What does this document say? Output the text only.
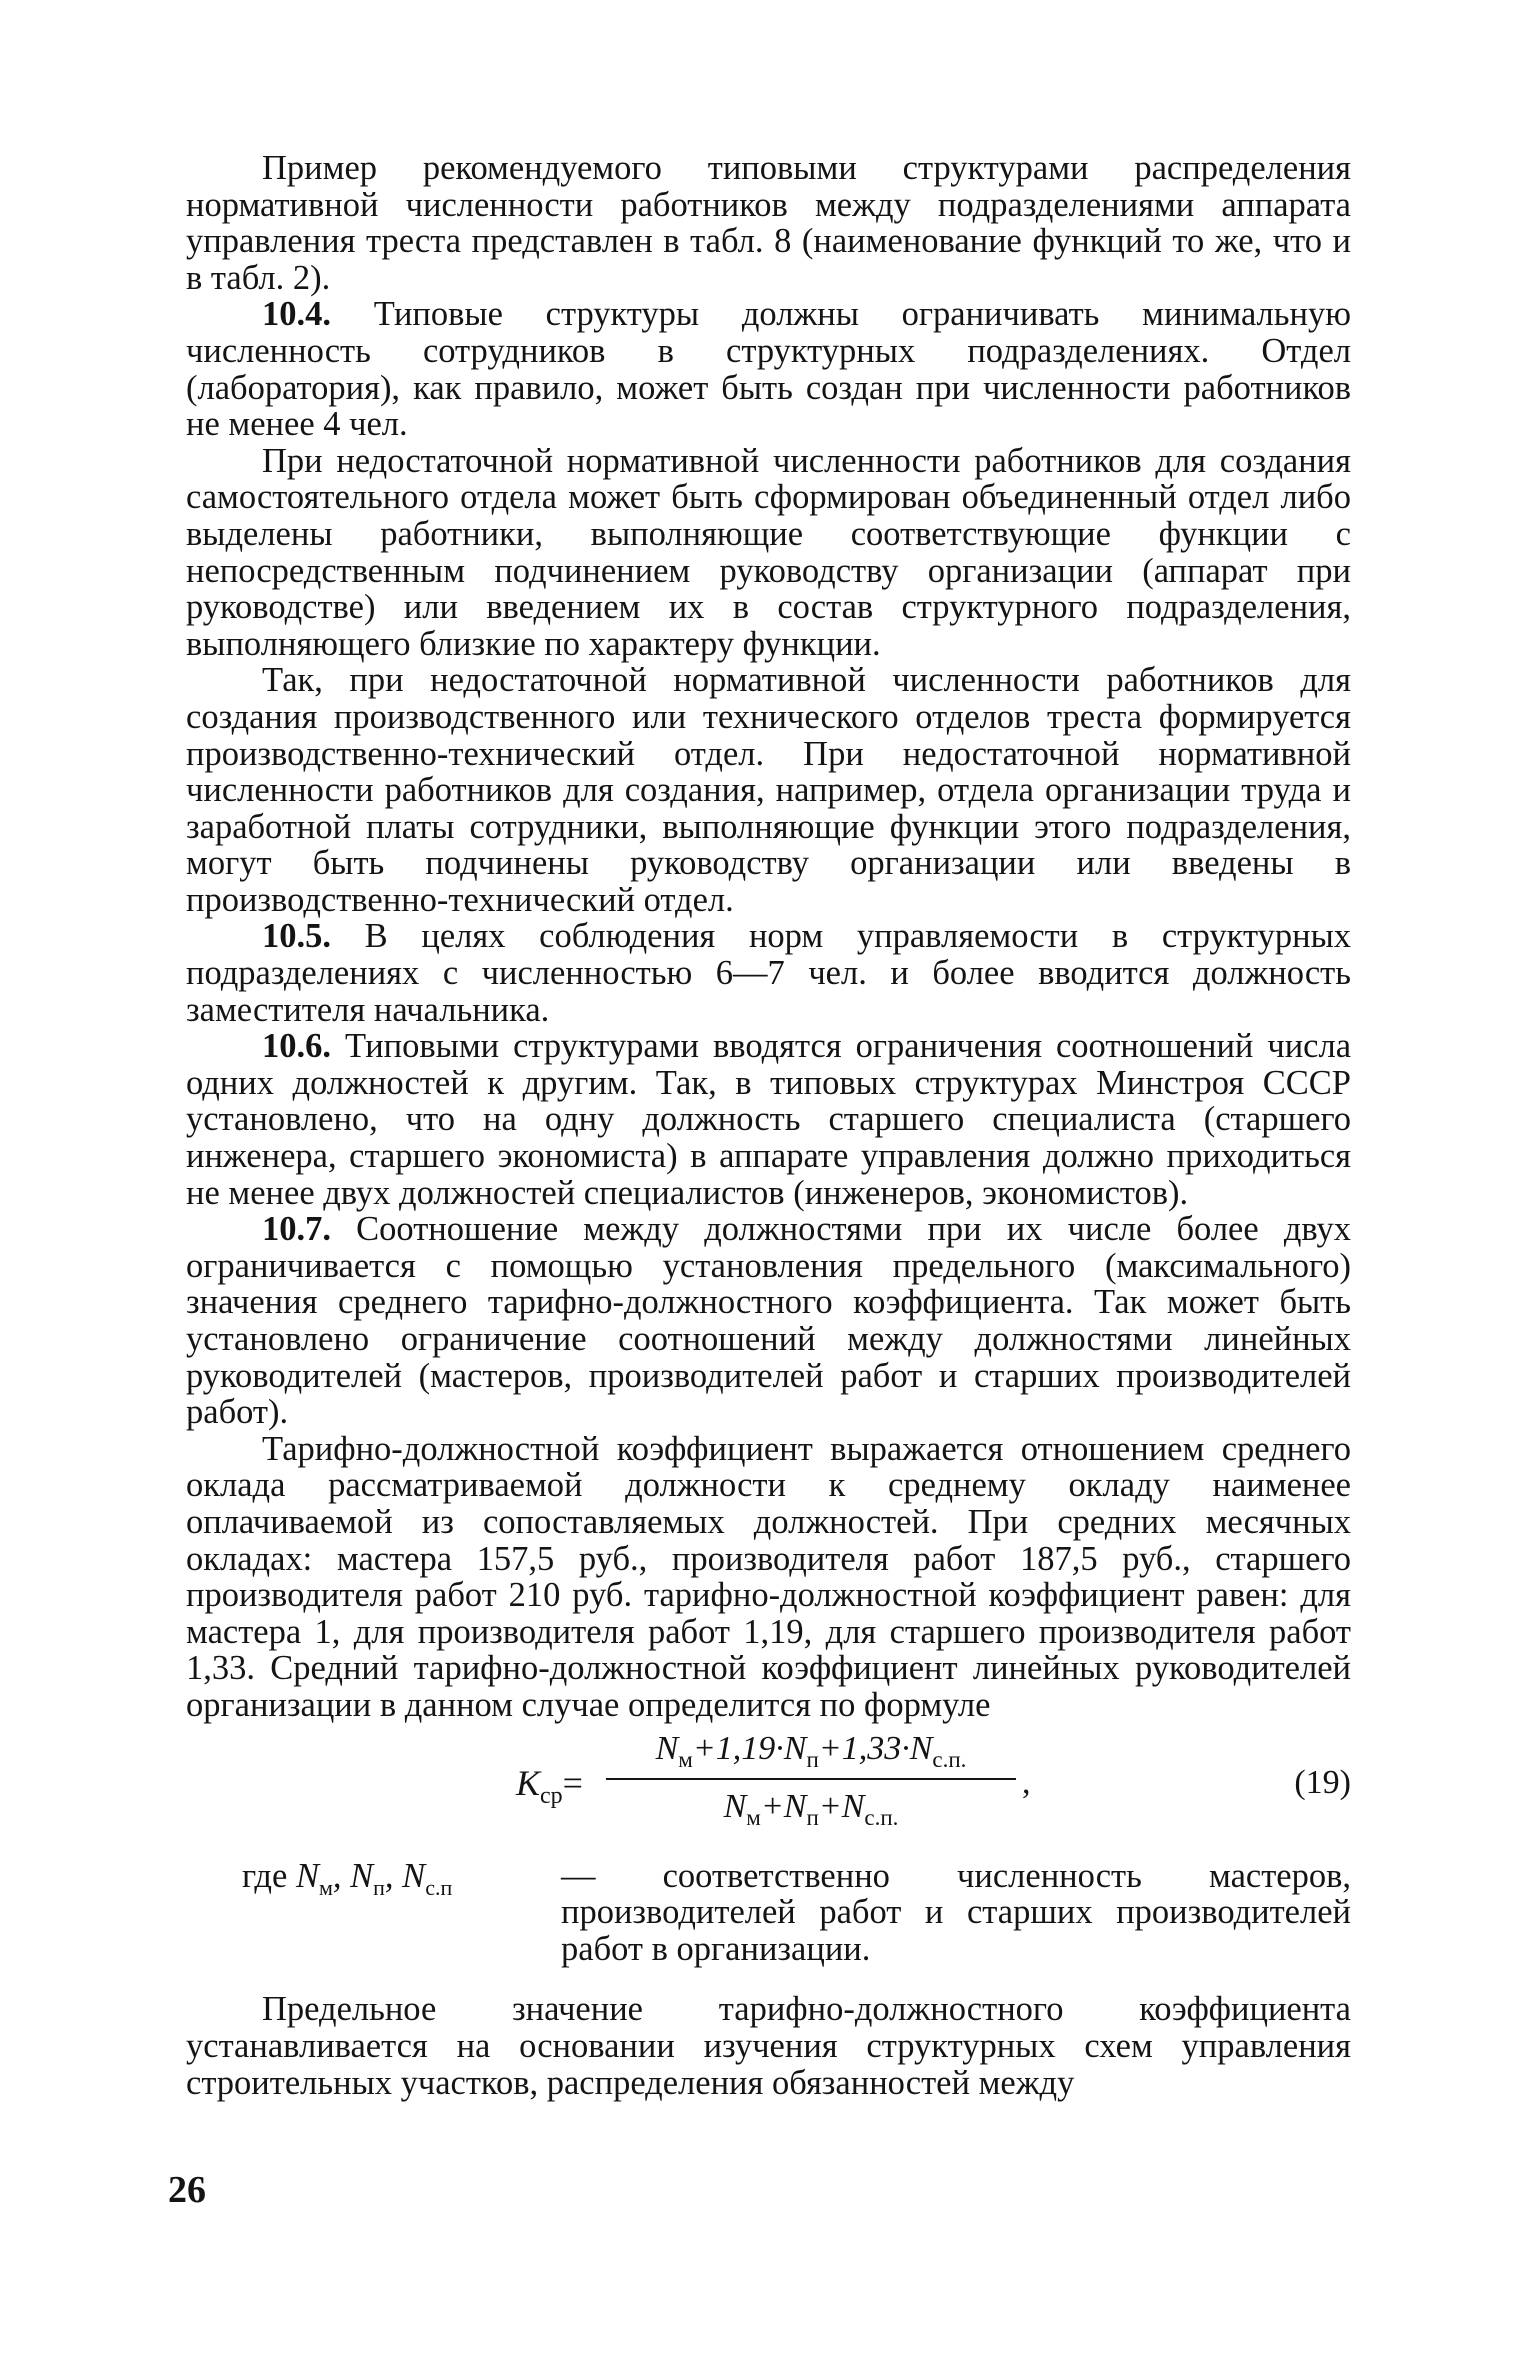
Пример рекомендуемого типовыми структурами распределения нормативной численности работников между подразделениями аппарата управления треста представлен в табл. 8 (наименование функций то же, что и в табл. 2).

10.4. Типовые структуры должны ограничивать минимальную численность сотрудников в структурных подразделениях. Отдел (лаборатория), как правило, может быть создан при численности работников не менее 4 чел.

При недостаточной нормативной численности работников для создания самостоятельного отдела может быть сформирован объединенный отдел либо выделены работники, выполняющие соответствующие функции с непосредственным подчинением руководству организации (аппарат при руководстве) или введением их в состав структурного подразделения, выполняющего близкие по характеру функции.

Так, при недостаточной нормативной численности работников для создания производственного или технического отделов треста формируется производственно-технический отдел. При недостаточной нормативной численности работников для создания, например, отдела организации труда и заработной платы сотрудники, выполняющие функции этого подразделения, могут быть подчинены руководству организации или введены в производственно-технический отдел.

10.5. В целях соблюдения норм управляемости в структурных подразделениях с численностью 6—7 чел. и более вводится должность заместителя начальника.

10.6. Типовыми структурами вводятся ограничения соотношений числа одних должностей к другим. Так, в типовых структурах Минстроя СССР установлено, что на одну должность старшего специалиста (старшего инженера, старшего экономиста) в аппарате управления должно приходиться не менее двух должностей специалистов (инженеров, экономистов).

10.7. Соотношение между должностями при их числе более двух ограничивается с помощью установления предельного (максимального) значения среднего тарифно-должностного коэффициента. Так может быть установлено ограничение соотношений между должностями линейных руководителей (мастеров, производителей работ и старших производителей работ).

Тарифно-должностной коэффициент выражается отношением среднего оклада рассматриваемой должности к среднему окладу наименее оплачиваемой из сопоставляемых должностей. При средних месячных окладах: мастера 157,5 руб., производителя работ 187,5 руб., старшего производителя работ 210 руб. тарифно-должностной коэффициент равен: для мастера 1, для производителя работ 1,19, для старшего производителя работ 1,33. Средний тарифно-должностной коэффициент линейных руководителей организации в данном случае определится по формуле

$K_{ср}=$
$N_м+1,19\cdot N_п+1,33\cdot N_{с.п.}$
$N_м+N_п+N_{с.п.}$
,	(19)
где $N_м$, $N_п$, $N_{с.п}$	— соответственно численность мастеров, производителей работ и старших производителей работ в организации.

Предельное значение тарифно-должностного коэффициента устанавливается на основании изучения структурных схем управления строительных участков, распределения обязанностей между

26
